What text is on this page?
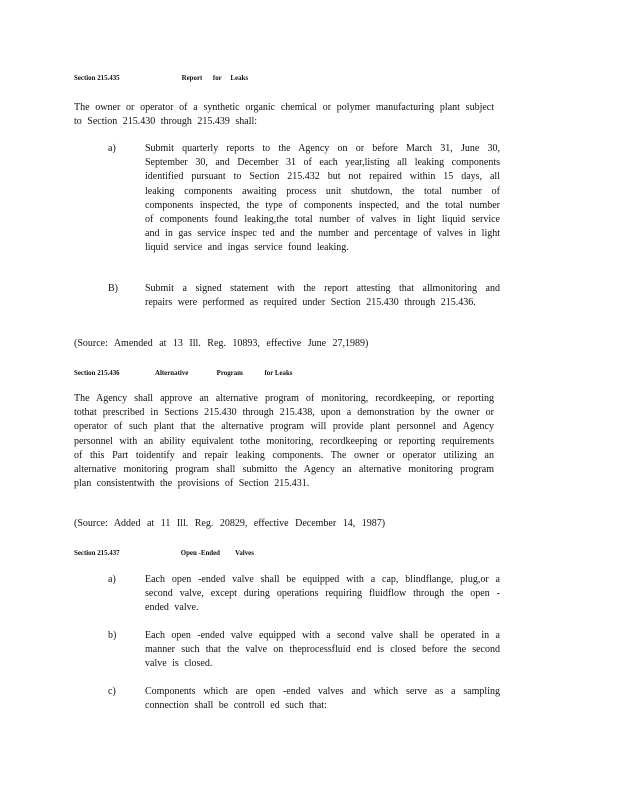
Section 215.435	Report for Leaks
The owner or operator of a synthetic organic chemical or polymer manufacturing plant subject to Section 215.430 through 215.439 shall:
a)	Submit quarterly reports to the Agency on or before March 31, June 30, September 30, and December 31 of each year,listing all leaking components identified pursuant to Section 215.432 but not repaired within 15 days, all leaking components awaiting process unit shutdown, the total number of components inspected, the type of components inspected, and the total number of components found leaking,the total number of valves in light liquid service and in gas service inspec ted and the number and percentage of valves in light liquid service and ingas service found leaking.
B)	Submit a signed statement with the report attesting that allmonitoring and repairs were performed as required under Section 215.430 through 215.436.
(Source: Amended at 13 Ill. Reg. 10893, effective June 27,1989)
Section 215.436	Alternative	Program	for Leaks
The Agency shall approve an alternative program of monitoring, recordkeeping, or reporting tothat prescribed in Sections 215.430 through 215.438, upon a demonstration by the owner or operator of such plant that the alternative program will provide plant personnel and Agency personnel with an ability equivalent tothe monitoring, recordkeeping or reporting requirements of this Part toidentify and repair leaking components. The owner or operator utilizing an alternative monitoring program shall submitto the Agency an alternative monitoring program plan consistentwith the provisions of Section 215.431.
(Source: Added at 11 Ill. Reg. 20829, effective December 14, 1987)
Section 215.437	Open -Ended Valves
a)	Each open -ended valve shall be equipped with a cap, blindflange, plug,or a second valve, except during operations requiring fluidflow through the open -ended valve.
b)	Each open -ended valve equipped with a second valve shall be operated in a manner such that the valve on theprocessfluid end is closed before the second valve is closed.
c)	Components which are open -ended valves and which serve as a sampling connection shall be controll ed such that:
